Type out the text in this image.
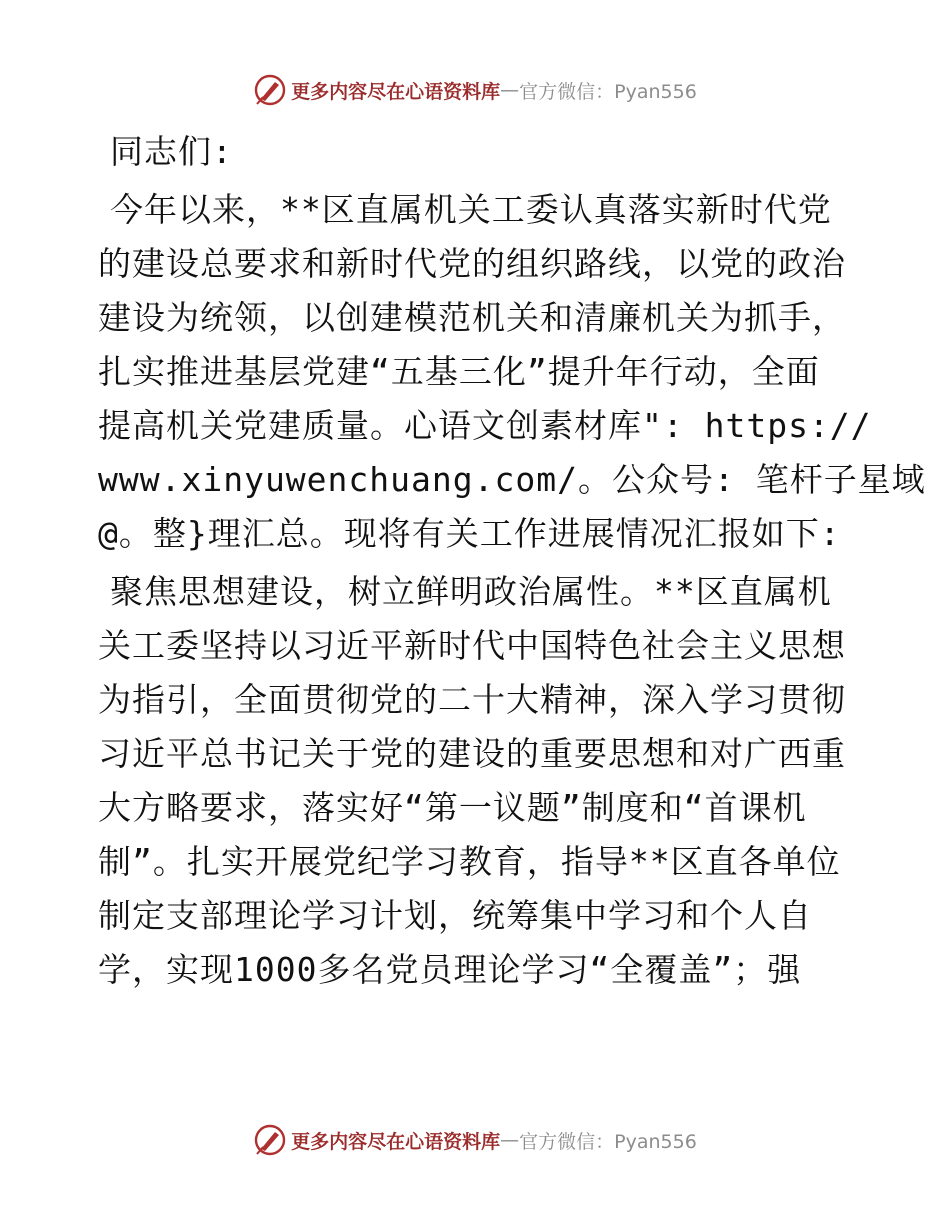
更多内容尽在心语资料库 — 官方微信：Pyan556
同志们:
今年以来，**区直属机关工委认真落实新时代党
的建设总要求和新时代党的组织路线，以党的政治
建设为统领，以创建模范机关和清廉机关为抓手，
扎实推进基层党建“五基三化”提升年行动，全面
提高机关党建质量。心语文创素材库": https://
www.xinyuwenchuang.com/。公众号: 笔杆子星域
@。整}理汇总。现将有关工作进展情况汇报如下:
聚焦思想建设，树立鲜明政治属性。**区直属机
关工委坚持以习近平新时代中国特色社会主义思想
为指引，全面贯彻党的二十大精神，深入学习贯彻
习近平总书记关于党的建设的重要思想和对广西重
大方略要求，落实好“第一议题”制度和“首课机
制”。扎实开展党纪学习教育，指导**区直各单位
制定支部理论学习计划，统筹集中学习和个人自
学，实现1000多名党员理论学习“全覆盖”；强
更多内容尽在心语资料库 — 官方微信：Pyan556
